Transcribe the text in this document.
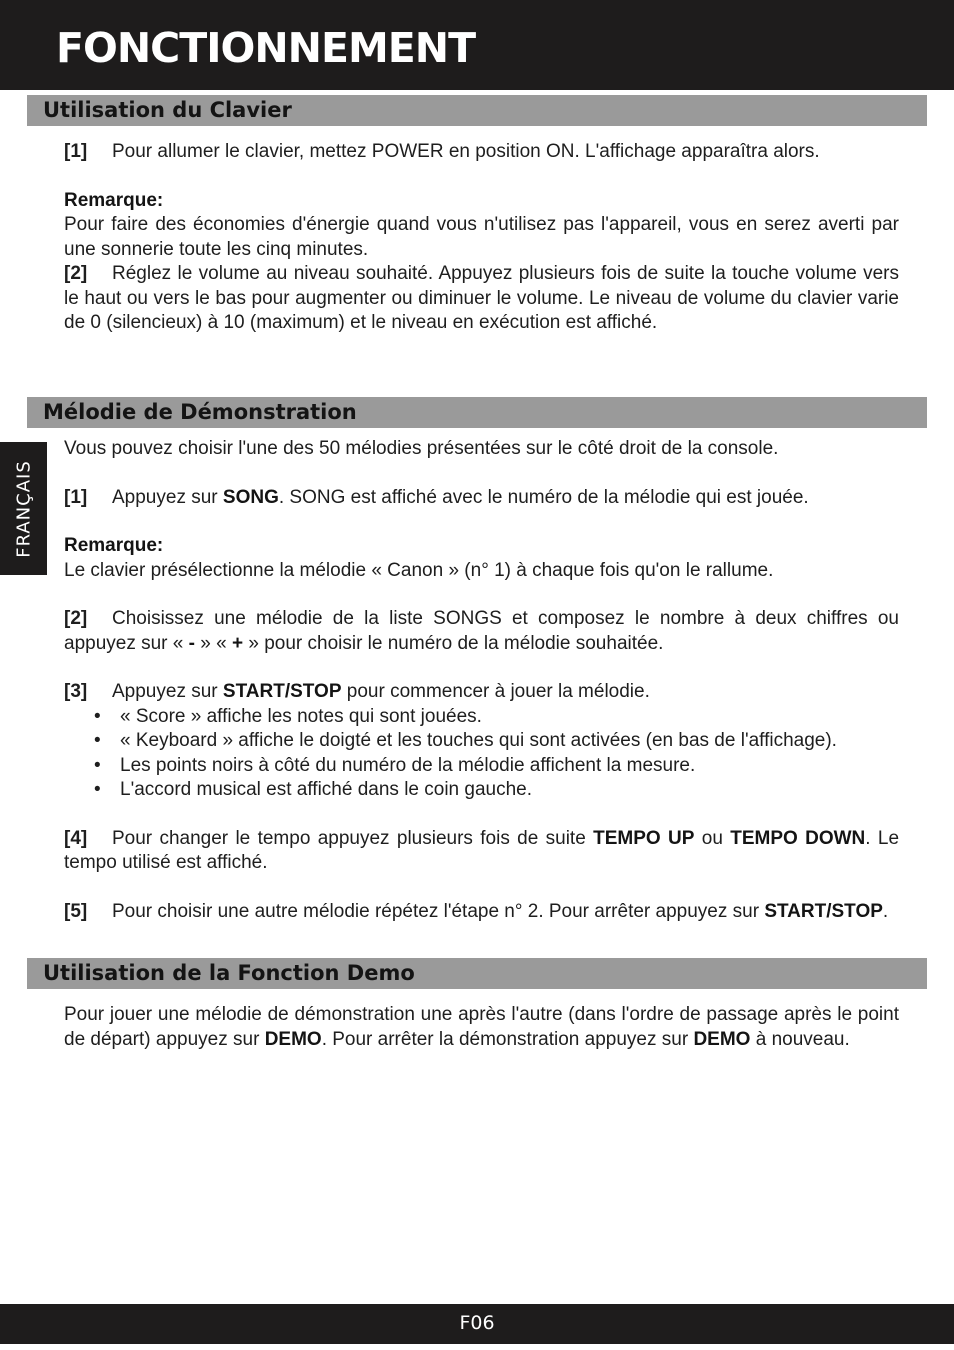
FONCTIONNEMENT
FRANÇAIS
Utilisation du Clavier

[1] Pour allumer le clavier, mettez POWER en position ON. L'affichage apparaîtra alors.

Remarque:

Pour faire des économies d'énergie quand vous n'utilisez pas l'appareil, vous en serez averti par une sonnerie toute les cinq minutes.

[2] Réglez le volume au niveau souhaité. Appuyez plusieurs fois de suite la touche volume vers le haut ou vers le bas pour augmenter ou diminuer le volume. Le niveau de volume du clavier varie de 0 (silencieux) à 10 (maximum) et le niveau en exécution est affiché.

Mélodie de Démonstration

Vous pouvez choisir l'une des 50 mélodies présentées sur le côté droit de la console.

[1] Appuyez sur SONG. SONG est affiché avec le numéro de la mélodie qui est jouée.

Remarque:

Le clavier présélectionne la mélodie « Canon » (n° 1) à chaque fois qu'on le rallume.

[2] Choisissez une mélodie de la liste SONGS et composez le nombre à deux chiffres ou appuyez sur « - » « + » pour choisir le numéro de la mélodie souhaitée.

[3] Appuyez sur START/STOP pour commencer à jouer la mélodie.

• « Score » affiche les notes qui sont jouées.
• « Keyboard » affiche le doigté et les touches qui sont activées (en bas de l'affichage).
• Les points noirs à côté du numéro de la mélodie affichent la mesure.
• L'accord musical est affiché dans le coin gauche.

[4] Pour changer le tempo appuyez plusieurs fois de suite TEMPO UP ou TEMPO DOWN. Le tempo utilisé est affiché.

[5] Pour choisir une autre mélodie répétez l'étape n° 2. Pour arrêter appuyez sur START/STOP.

Utilisation de la Fonction Demo

Pour jouer une mélodie de démonstration une après l'autre (dans l'ordre de passage après le point de départ) appuyez sur DEMO. Pour arrêter la démonstration appuyez sur DEMO à nouveau.

F06
